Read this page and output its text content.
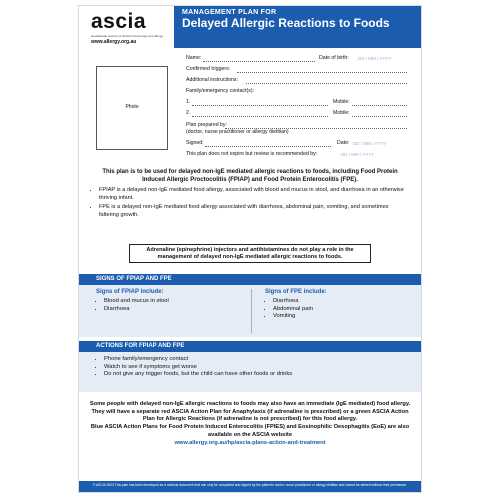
ascia
australasian society of clinical immunology and allergy
www.allergy.org.au
MANAGEMENT PLAN FOR
Delayed Allergic Reactions to Foods
Photo
Name:	Date of birth: DD / MM / YYYY
Confirmed triggers:
Additional instructions:
Family/emergency contact(s):
1.	Mobile:
2.	Mobile:
Plan prepared by:
(doctor, nurse practitioner or allergy dietitian)
Signed:	Date: DD / MM / YYYY
This plan does not expire but review is recommended by:	DD / MM / YYYY
This plan is to be used for delayed non-IgE mediated allergic reactions to foods, including Food Protein Induced Allergic Proctocolitis (FPIAP) and Food Protein Enterocolitis (FPE).
• FPIAP is a delayed non-IgE mediated food allergy, associated with blood and mucus in stool, and diarrhoea in an otherwise thriving infant.
• FPE is a delayed non-IgE mediated food allergy associated with diarrhoea, abdominal pain, vomiting, and sometimes faltering growth.
Adrenaline (epinephrine) injectors and antihistamines do not play a role in the management of delayed non-IgE mediated allergic reactions to foods.
SIGNS OF FPIAP AND FPE
Signs of FPIAP include:
• Blood and mucus in stool
• Diarrhoea
Signs of FPE include:
• Diarrhoea
• Abdominal pain
• Vomiting
ACTIONS FOR FPIAP AND FPE
• Phone family/emergency contact
• Watch to see if symptoms get worse
• Do not give any trigger foods, but the child can have other foods or drinks
Some people with delayed non-IgE allergic reactions to foods may also have an immediate (IgE mediated) food allergy. They will have a separate red ASCIA Action Plan for Anaphylaxis (if adrenaline is prescribed) or a green ASCIA Action Plan for Allergic Reactions (if adrenaline is not prescribed) for this food allergy.
Blue ASCIA Action Plans for Food Protein Induced Enterocolitis (FPIES) and Eosinophilic Oesophagitis (EoE) are also available on the ASCIA website
www.allergy.org.au/hp/ascia-plans-action-and-treatment
© ASCIA 2023 This plan has been developed as a medical document that can only be completed and signed by the patient's doctor, nurse practitioner or allergy dietitian and cannot be altered without their permission.
